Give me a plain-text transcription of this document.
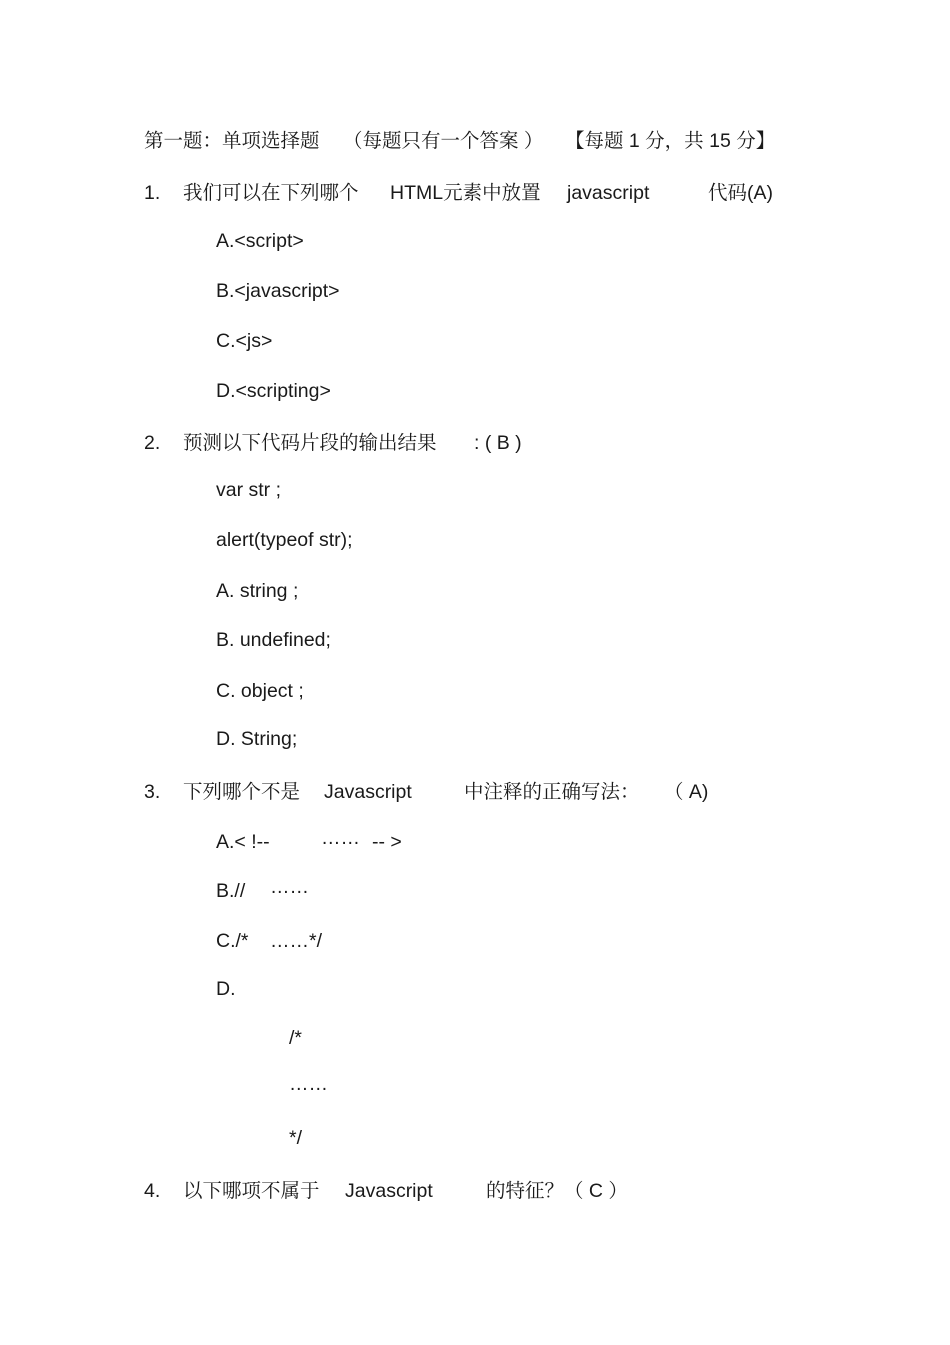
第一题：单项选择题 （每题只有一个答案 ） 【每题 1 分，共 15 分】
1. 我们可以在下列哪个 HTML元素中放置 javascript	代码(A)
A.<script>
B.<javascript>
C.<js>
D.<scripting>
2. 预测以下代码片段的输出结果 : ( B )
var str ;
alert(typeof str);
A. string ;
B. undefined;
C. object ;
D. String;
3. 下列哪个不是 Javascript	中注释的正确写法： （ A)
A.< !--	…… -- >
B.// ……
C./* ……*/
D.
/*
……
*/
4. 以下哪项不属于 Javascript	的特征？（ C ）
